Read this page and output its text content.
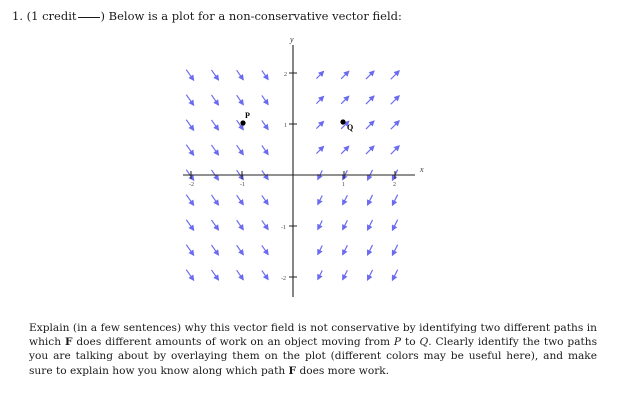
1. (1 credit ) Below is a plot for a non-conservative vector field:
-2	-1	1	2
2
1
-1
-2
y
x
P
Q
Explain (in a few sentences) why this vector field is not conservative by identifying two different paths in which F does different amounts of work on an object moving from P to Q. Clearly identify the two paths you are talking about by overlaying them on the plot (different colors may be useful here), and make sure to explain how you know along which path F does more work.
